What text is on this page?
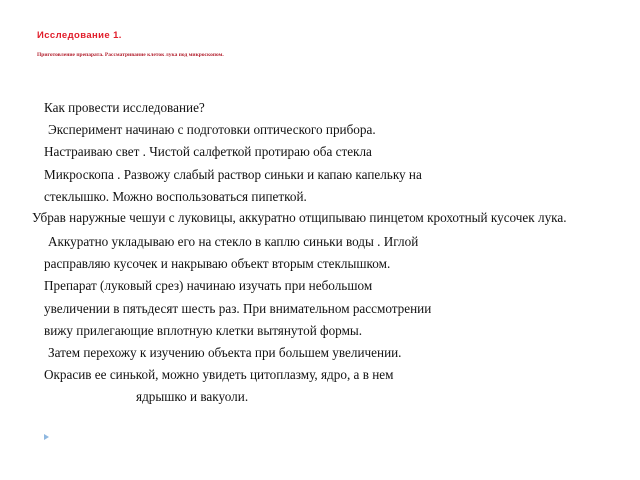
Исследование 1.
Приготовление препарата. Рассматривание клеток лука под микроскопом.
Как провести исследование?
Эксперимент начинаю с подготовки оптического прибора.
Настраиваю свет . Чистой салфеткой протираю оба стекла
Микроскопа . Развожу слабый раствор синьки и капаю капельку на
стеклышко. Можно воспользоваться пипеткой.
Убрав наружные чешуи с луковицы, аккуратно отщипываю пинцетом крохотный кусочек лука.
Аккуратно укладываю его на стекло в каплю синьки воды . Иглой
расправляю кусочек и накрываю объект вторым стеклышком.
Препарат (луковый срез) начинаю изучать при небольшом
увеличении в пятьдесят шесть раз. При внимательном рассмотрении
вижу прилегающие вплотную клетки вытянутой формы.
Затем перехожу к изучению объекта при большем увеличении.
Окрасив ее синькой, можно увидеть цитоплазму, ядро, а в нем
ядрышко и вакуоли.
